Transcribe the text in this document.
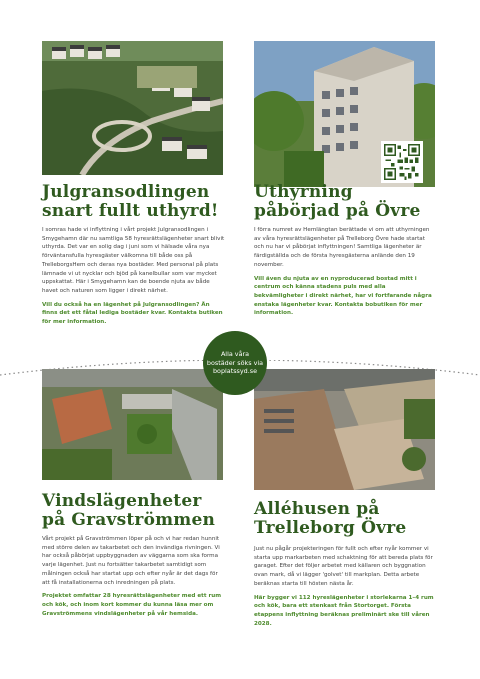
Julgransodlingen
snart fullt uthyrd!

I somras hade vi inflyttning i vårt projekt Julgransodlingen i Smygehamn där nu samtliga 58 hyresrättslägenheter snart blivit uthyrda. Det var en solig dag i juni som vi hälsade våra nya förväntansfulla hyresgäster välkomna till både oss på TrelleborgsHem och deras nya bostäder. Med personal på plats lämnade vi ut nycklar och bjöd på kanelbullar som var mycket uppskattat. Här i Smygehamn kan de boende njuta av både havet och naturen som ligger i direkt närhet.

Vill du också ha en lägenhet på Julgransodlingen? Än finns det ett fåtal lediga bostäder kvar. Kontakta butiken för mer information.

Uthyrning
påbörjad på Övre

I förra numret av Hemlängtan berättade vi om att uthyrningen av våra hyresrättslägenheter på Trelleborg Övre hade startat och nu har vi påbörjat inflyttningen! Samtliga lägenheter är färdigställda och de första hyresgästerna anlände den 19 november.

Vill även du njuta av en nyproducerad bostad mitt i centrum och känna stadens puls med alla bekvämligheter i direkt närhet, har vi fortfarande några enstaka lägenheter kvar. Kontakta bobutiken för mer information.

Alla våra
bostäder söks via
boplatssyd.se
Vindslägenheter
på Gravströmmen

Vårt projekt på Gravströmmen löper på och vi har redan hunnit med större delen av takarbetet och den invändiga rivningen. Vi har också påbörjat uppbyggnaden av väggarna som ska forma varje lägenhet. Just nu fortsätter takarbetet samtidigt som målningen också har startat upp och efter nyår är det dags för att få installationerna och inredningen på plats.

Projektet omfattar 28 hyresrättslägenheter med ett rum och kök, och inom kort kommer du kunna läsa mer om Gravströmmens vindslägenheter på vår hemsida.

Alléhusen på
Trelleborg Övre

Just nu pågår projekteringen för fullt och efter nyår kommer vi starta upp markarbeten med schaktning för att bereda plats för garaget. Efter det följer arbetet med källaren och byggnation ovan mark, då vi lägger 'golvet' till markplan. Detta arbete beräknas starta till hösten nästa år.

Här bygger vi 112 hyreslägenheter i storlekarna 1–4 rum och kök, bara ett stenkast från Stortorget. Första etappens inflyttning beräknas preliminärt ske till våren 2028.
